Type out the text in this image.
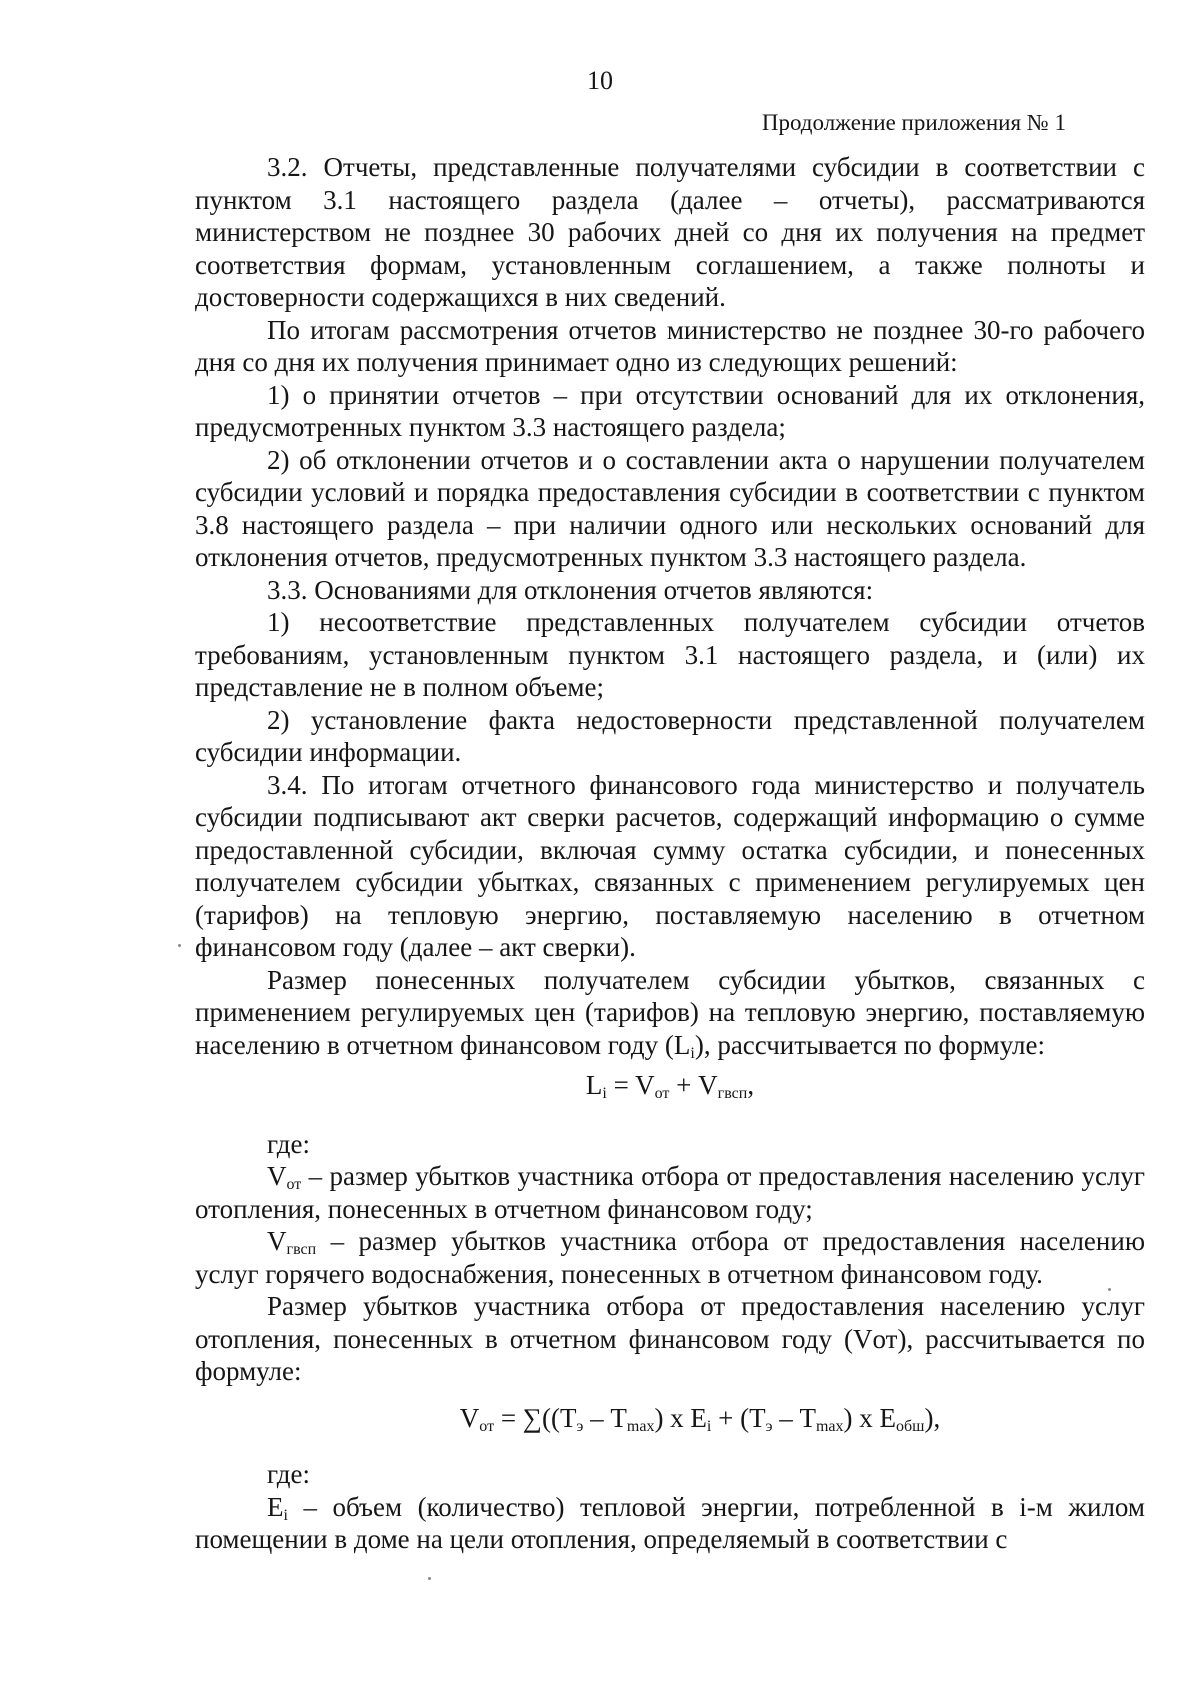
10
Продолжение приложения № 1

3.2. Отчеты, представленные получателями субсидии в соответствии с пунктом 3.1 настоящего раздела (далее – отчеты), рассматриваются министерством не позднее 30 рабочих дней со дня их получения на предмет соответствия формам, установленным соглашением, а также полноты и достоверности содержащихся в них сведений.

По итогам рассмотрения отчетов министерство не позднее 30-го рабочего дня со дня их получения принимает одно из следующих решений:

1) о принятии отчетов – при отсутствии оснований для их отклонения, предусмотренных пунктом 3.3 настоящего раздела;

2) об отклонении отчетов и о составлении акта о нарушении получателем субсидии условий и порядка предоставления субсидии в соответствии с пунктом 3.8 настоящего раздела – при наличии одного или нескольких оснований для отклонения отчетов, предусмотренных пунктом 3.3 настоящего раздела.

3.3. Основаниями для отклонения отчетов являются:

1) несоответствие представленных получателем субсидии отчетов требованиям, установленным пунктом 3.1 настоящего раздела, и (или) их представление не в полном объеме;

2) установление факта недостоверности представленной получателем субсидии информации.

3.4. По итогам отчетного финансового года министерство и получатель субсидии подписывают акт сверки расчетов, содержащий информацию о сумме предоставленной субсидии, включая сумму остатка субсидии, и понесенных получателем субсидии убытках, связанных с применением регулируемых цен (тарифов) на тепловую энергию, поставляемую населению в отчетном финансовом году (далее – акт сверки).

Размер понесенных получателем субсидии убытков, связанных с применением регулируемых цен (тарифов) на тепловую энергию, поставляемую населению в отчетном финансовом году $(L_i)$, рассчитывается по формуле:

$L_i = V_{от} + V_{гвсп}$,

где:

$V_{от}$ – размер убытков участника отбора от предоставления населению услуг отопления, понесенных в отчетном финансовом году;

$V_{гвсп}$ – размер убытков участника отбора от предоставления населению услуг горячего водоснабжения, понесенных в отчетном финансовом году.

Размер убытков участника отбора от предоставления населению услуг отопления, понесенных в отчетном финансовом году (Vот), рассчитывается по формуле:

$V_{от} = \sum((Т_э - Т_{max})$ x $E_i + (Т_э - Т_{max})$ x $E_{обш}$),

где:

$E_i$ – объем (количество) тепловой энергии, потребленной в i-м жилом помещении в доме на цели отопления, определяемый в соответствии с
